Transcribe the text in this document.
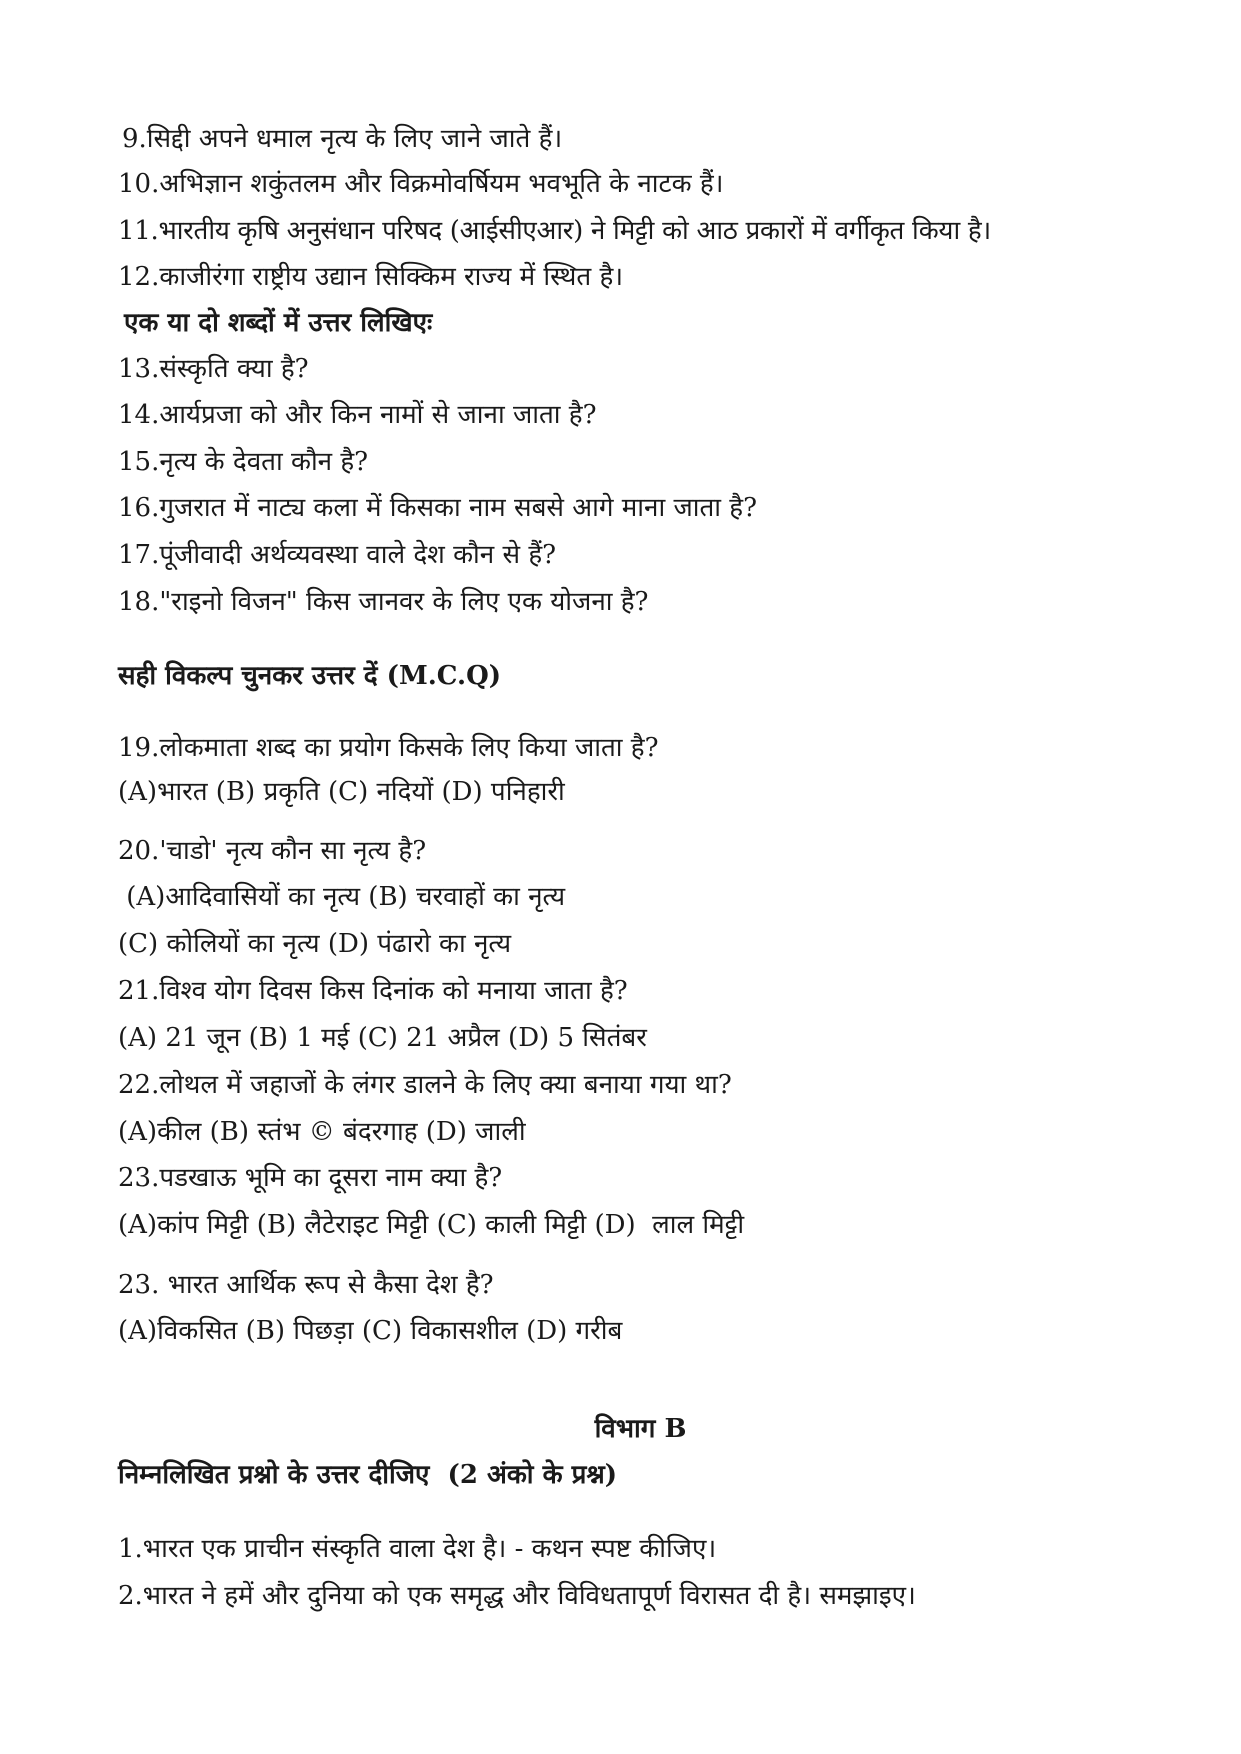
9.सिद्दी अपने धमाल नृत्य के लिए जाने जाते हैं।
10.अभिज्ञान शकुंतलम और विक्रमोवर्षियम भवभूति के नाटक हैं।
11.भारतीय कृषि अनुसंधान परिषद (आईसीएआर) ने मिट्टी को आठ प्रकारों में वर्गीकृत किया है।
12.काजीरंगा राष्ट्रीय उद्यान सिक्किम राज्य में स्थित है।
एक या दो शब्दों में उत्तर लिखिएः
13.संस्कृति क्या है?
14.आर्यप्रजा को और किन नामों से जाना जाता है?
15.नृत्य के देवता कौन है?
16.गुजरात में नाट्य कला में किसका नाम सबसे आगे माना जाता है?
17.पूंजीवादी अर्थव्यवस्था वाले देश कौन से हैं?
18."राइनो विजन" किस जानवर के लिए एक योजना है?
सही विकल्प चुनकर उत्तर दें (M.C.Q)
19.लोकमाता शब्द का प्रयोग किसके लिए किया जाता है?
(A)भारत (B) प्रकृति (C) नदियों (D) पनिहारी
20.'चाडो' नृत्य कौन सा नृत्य है?
(A)आदिवासियों का नृत्य (B) चरवाहों का नृत्य
(C) कोलियों का नृत्य (D) पंढारो का नृत्य
21.विश्व योग दिवस किस दिनांक को मनाया जाता है?
(A) 21 जून (B) 1 मई (C) 21 अप्रैल (D) 5 सितंबर
22.लोथल में जहाजों के लंगर डालने के लिए क्या बनाया गया था?
(A)कील (B) स्तंभ © बंदरगाह (D) जाली
23.पडखाऊ भूमि का दूसरा नाम क्या है?
(A)कांप मिट्टी (B) लैटेराइट मिट्टी (C) काली मिट्टी (D)  लाल मिट्टी
23. भारत आर्थिक रूप से कैसा देश है?
(A)विकसित (B) पिछड़ा (C) विकासशील (D) गरीब
विभाग B
निम्नलिखित प्रश्नो के उत्तर दीजिए  (2 अंको के प्रश्न)
1.भारत एक प्राचीन संस्कृति वाला देश है। - कथन स्पष्ट कीजिए।
2.भारत ने हमें और दुनिया को एक समृद्ध और विविधतापूर्ण विरासत दी है। समझाइए।
